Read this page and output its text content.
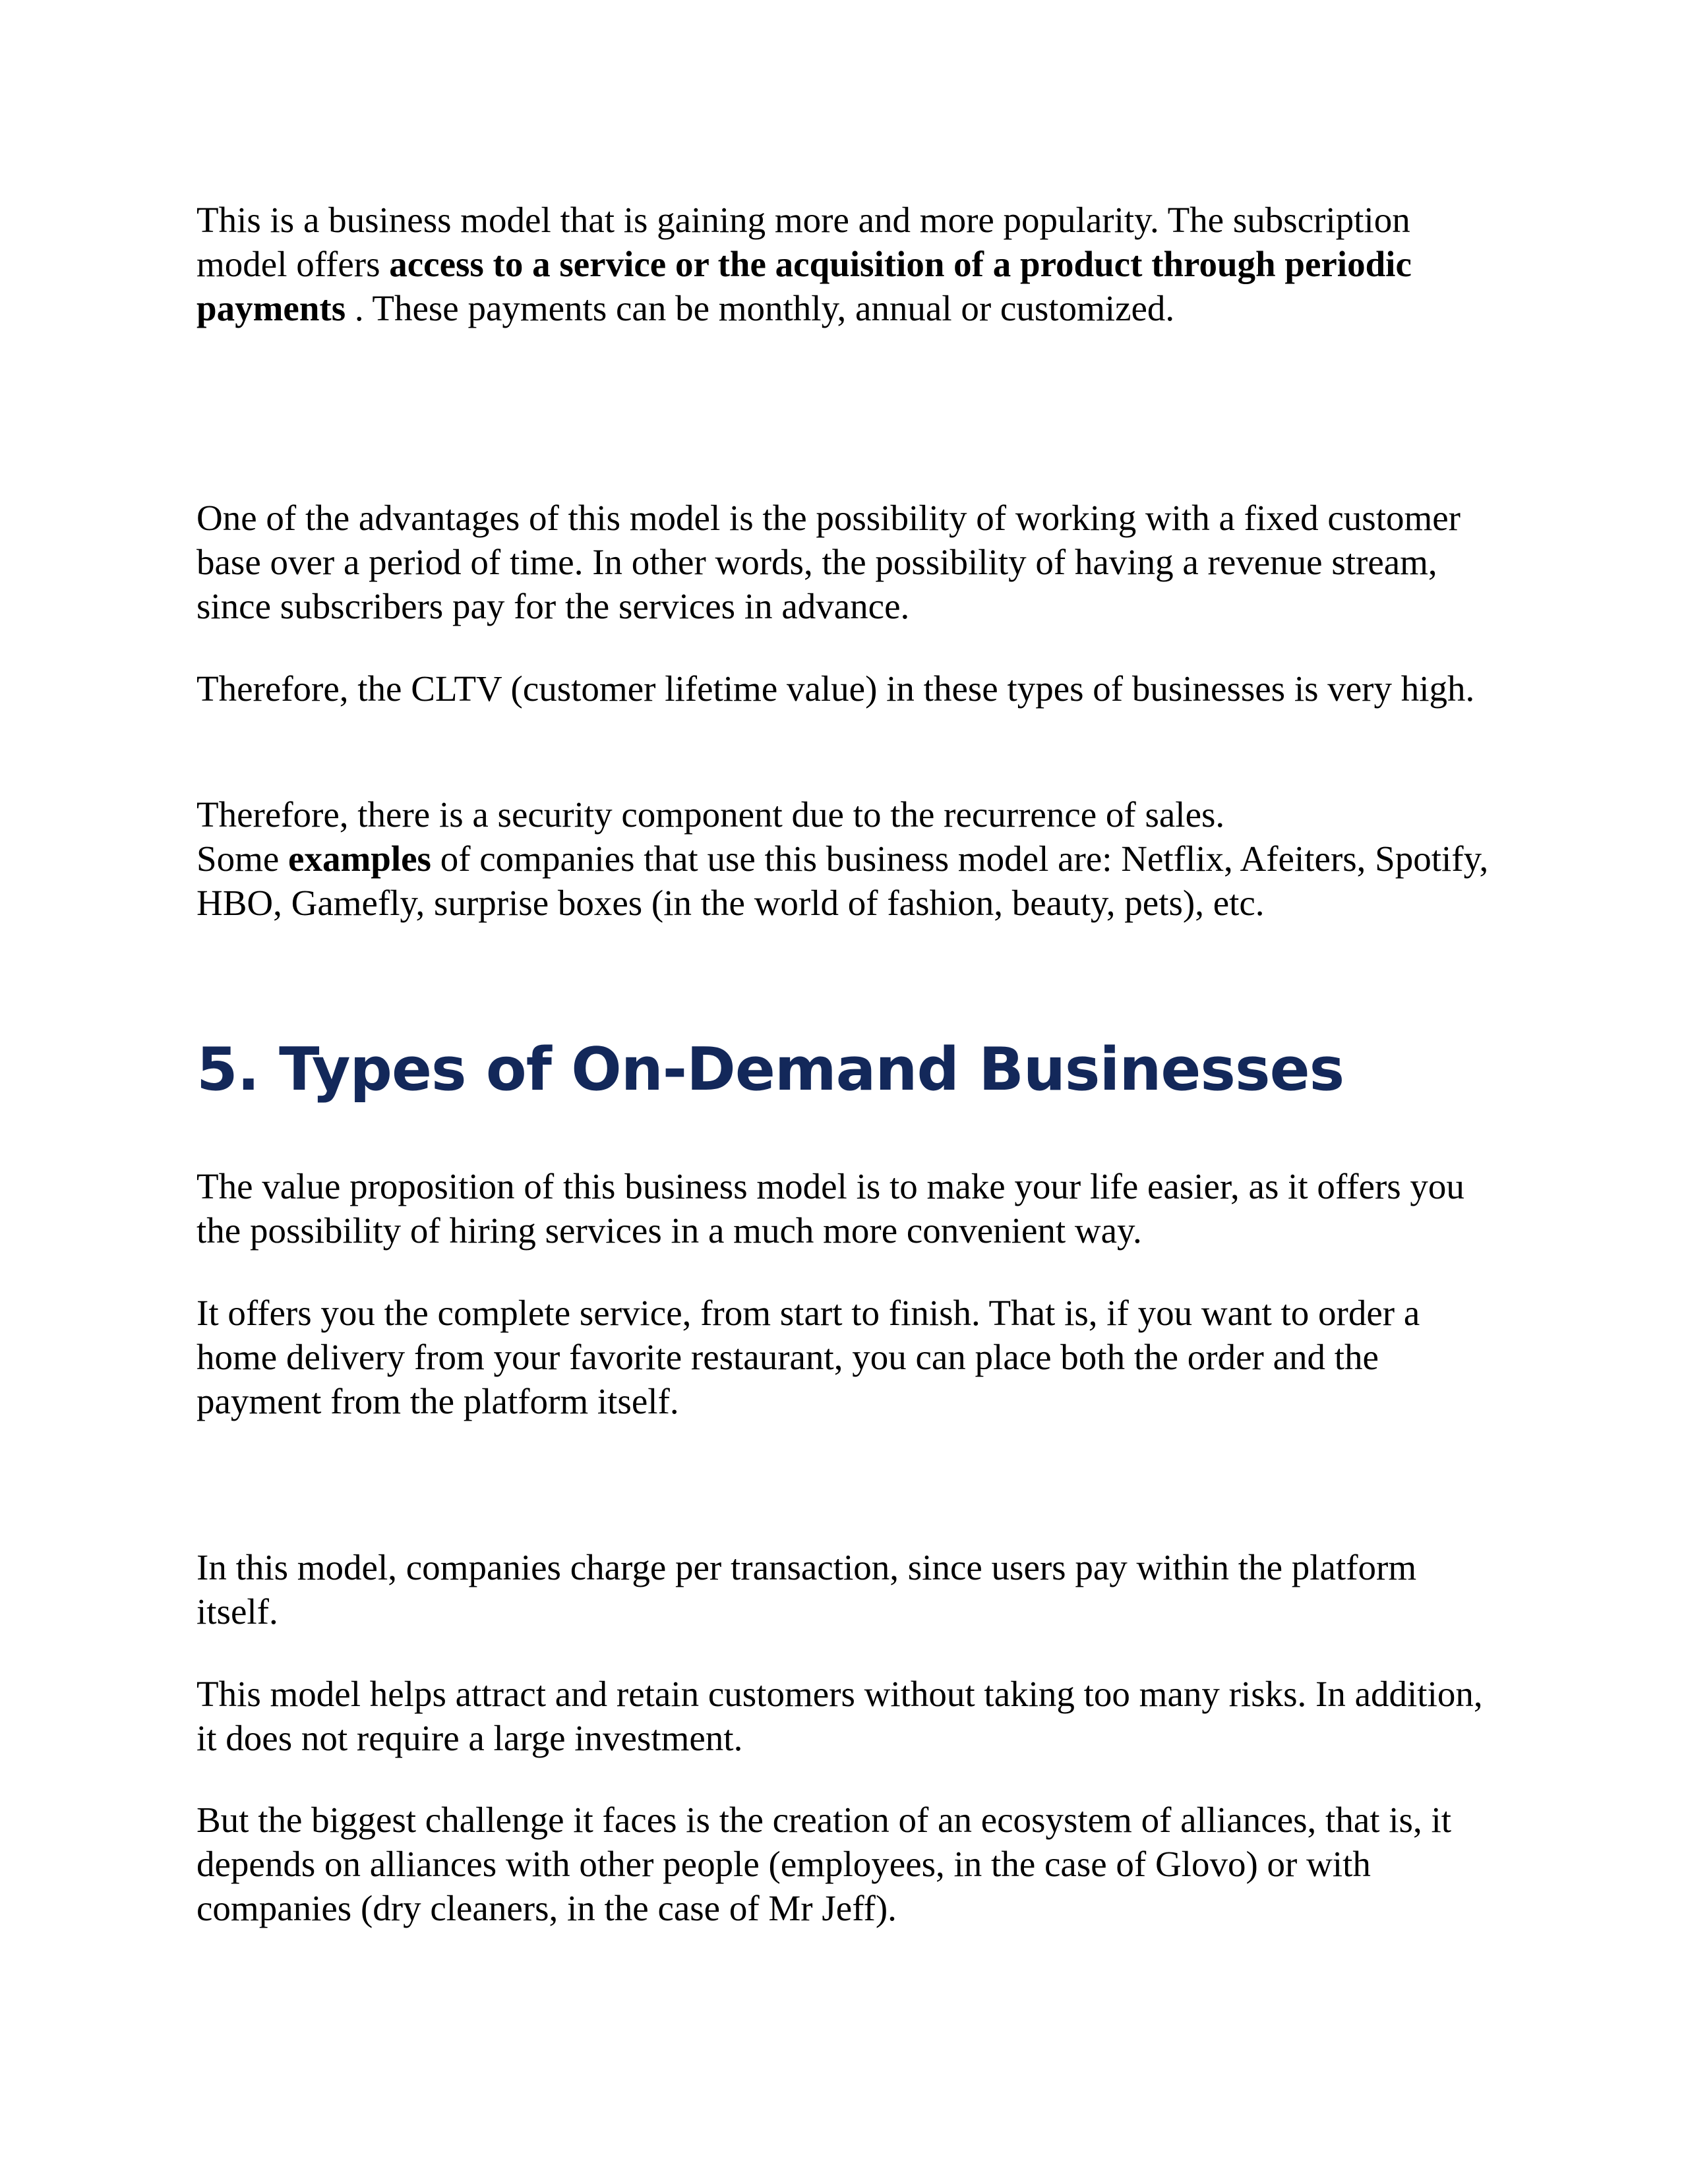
This is a business model that is gaining more and more popularity. The subscription model offers access to a service or the acquisition of a product through periodic payments . These payments can be monthly, annual or customized.

One of the advantages of this model is the possibility of working with a fixed customer base over a period of time. In other words, the possibility of having a revenue stream, since subscribers pay for the services in advance.

Therefore, the CLTV (customer lifetime value) in these types of businesses is very high.

Therefore, there is a security component due to the recurrence of sales.
Some examples of companies that use this business model are: Netflix, Afeiters, Spotify, HBO, Gamefly, surprise boxes (in the world of fashion, beauty, pets), etc.

5. Types of On-Demand Businesses

The value proposition of this business model is to make your life easier, as it offers you the possibility of hiring services in a much more convenient way.

It offers you the complete service, from start to finish. That is, if you want to order a home delivery from your favorite restaurant, you can place both the order and the payment from the platform itself.

In this model, companies charge per transaction, since users pay within the platform itself.

This model helps attract and retain customers without taking too many risks. In addition, it does not require a large investment.

But the biggest challenge it faces is the creation of an ecosystem of alliances, that is, it depends on alliances with other people (employees, in the case of Glovo) or with companies (dry cleaners, in the case of Mr Jeff).
